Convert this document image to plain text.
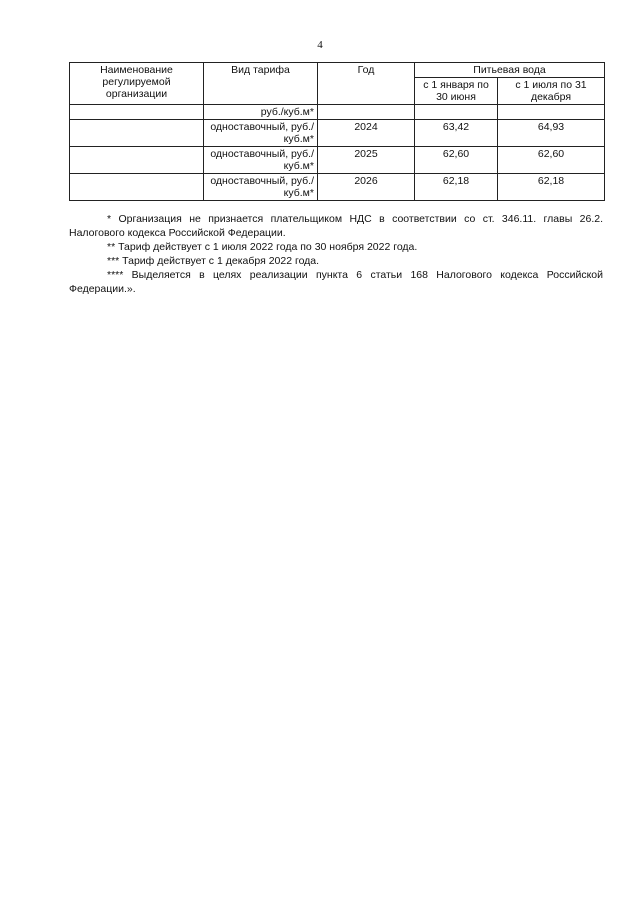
4
Наименование регулируемой организации	Вид тарифа	Год	Питьевая вода	
			с 1 января по 30 июня	с 1 июля по 31 декабря
	руб./куб.м*			
	одноставочный, руб./куб.м*	2024	63,42	64,93
	одноставочный, руб./куб.м*	2025	62,60	62,60
	одноставочный, руб./куб.м*	2026	62,18	62,18

* Организация не признается плательщиком НДС в соответствии со ст. 346.11. главы 26.2. Налогового кодекса Российской Федерации.

** Тариф действует с 1 июля 2022 года по 30 ноября 2022 года.

*** Тариф действует с 1 декабря 2022 года.

**** Выделяется в целях реализации пункта 6 статьи 168 Налогового кодекса Российской Федерации.».
